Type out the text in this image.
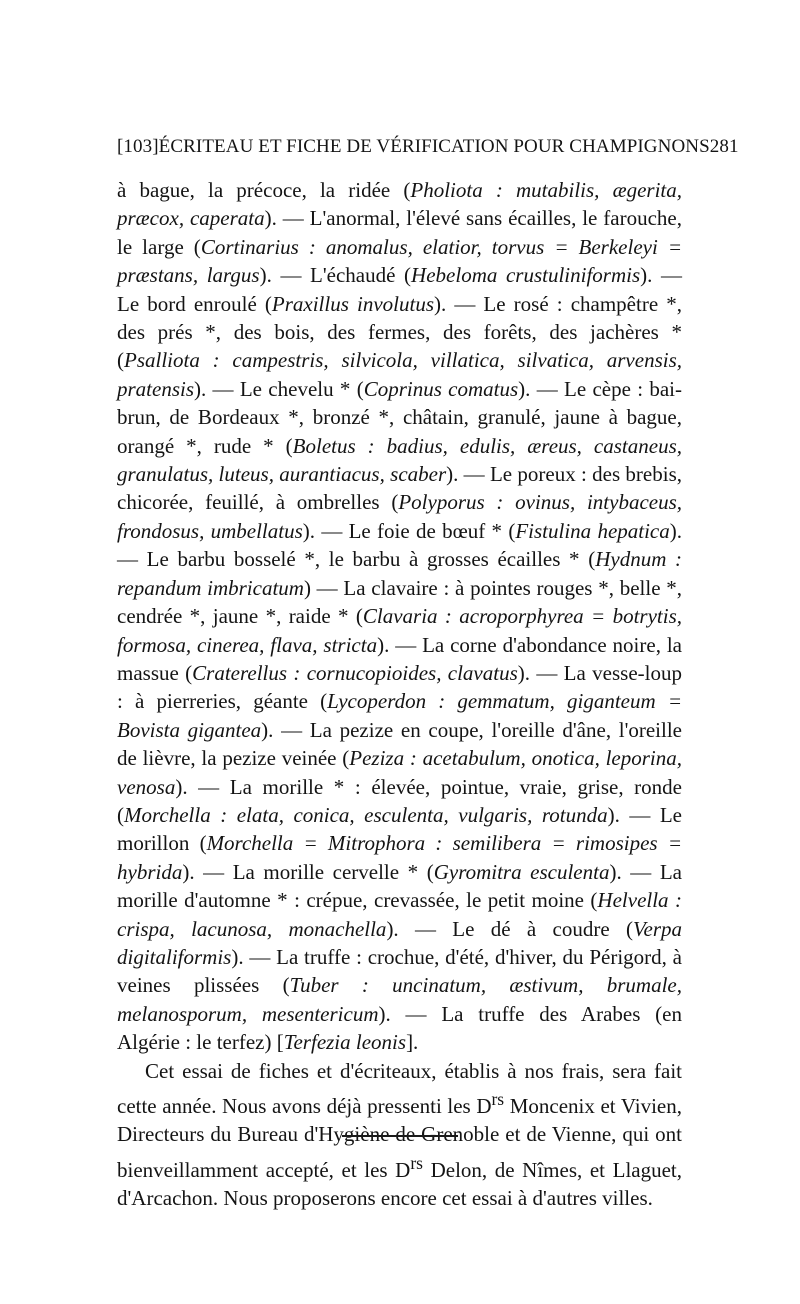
[103] ÉCRITEAU ET FICHE DE VÉRIFICATION POUR CHAMPIGNONS 281

à bague, la précoce, la ridée (Pholiota : mutabilis, ægerita, præcox, caperata). — L'anormal, l'élevé sans écailles, le farouche, le large (Cortinarius : anomalus, elatior, torvus = Berkeleyi = præstans, largus). — L'échaudé (Hebeloma crustuliniformis). — Le bord enroulé (Praxillus involutus). — Le rosé : champêtre *, des prés *, des bois, des fermes, des forêts, des jachères * (Psalliota : campestris, silvicola, villatica, silvatica, arvensis, pratensis). — Le chevelu * (Coprinus comatus). — Le cèpe : bai-brun, de Bordeaux *, bronzé *, châtain, granulé, jaune à bague, orangé *, rude * (Boletus : badius, edulis, æreus, castaneus, granulatus, luteus, aurantiacus, scaber). — Le poreux : des brebis, chicorée, feuillé, à ombrelles (Polyporus : ovinus, intybaceus, frondosus, umbellatus). — Le foie de bœuf * (Fistulina hepatica). — Le barbu bosselé *, le barbu à grosses écailles * (Hydnum : repandum imbricatum) — La clavaire : à pointes rouges *, belle *, cendrée *, jaune *, raide * (Clavaria : acroporphyrea = botrytis, formosa, cinerea, flava, stricta). — La corne d'abondance noire, la massue (Craterellus : cornucopioides, clavatus). — La vesse-loup : à pierreries, géante (Lycoperdon : gemmatum, giganteum = Bovista gigantea). — La pezize en coupe, l'oreille d'âne, l'oreille de lièvre, la pezize veinée (Peziza : acetabulum, onotica, leporina, venosa). — La morille * : élevée, pointue, vraie, grise, ronde (Morchella : elata, conica, esculenta, vulgaris, rotunda). — Le morillon (Morchella = Mitrophora : semilibera = rimosipes = hybrida). — La morille cervelle * (Gyromitra esculenta). — La morille d'automne * : crépue, crevassée, le petit moine (Helvella : crispa, lacunosa, monachella). — Le dé à coudre (Verpa digitaliformis). — La truffe : crochue, d'été, d'hiver, du Périgord, à veines plissées (Tuber : uncinatum, æstivum, brumale, melanosporum, mesentericum). — La truffe des Arabes (en Algérie : le terfez) [Terfezia leonis].

Cet essai de fiches et d'écriteaux, établis à nos frais, sera fait cette année. Nous avons déjà pressenti les $D^{rs}$ Moncenix et Vivien, Directeurs du Bureau d'Hygiène de Grenoble et de Vienne, qui ont bienveillamment accepté, et les $D^{rs}$ Delon, de Nîmes, et Llaguet, d'Arcachon. Nous proposerons encore cet essai à d'autres villes.
